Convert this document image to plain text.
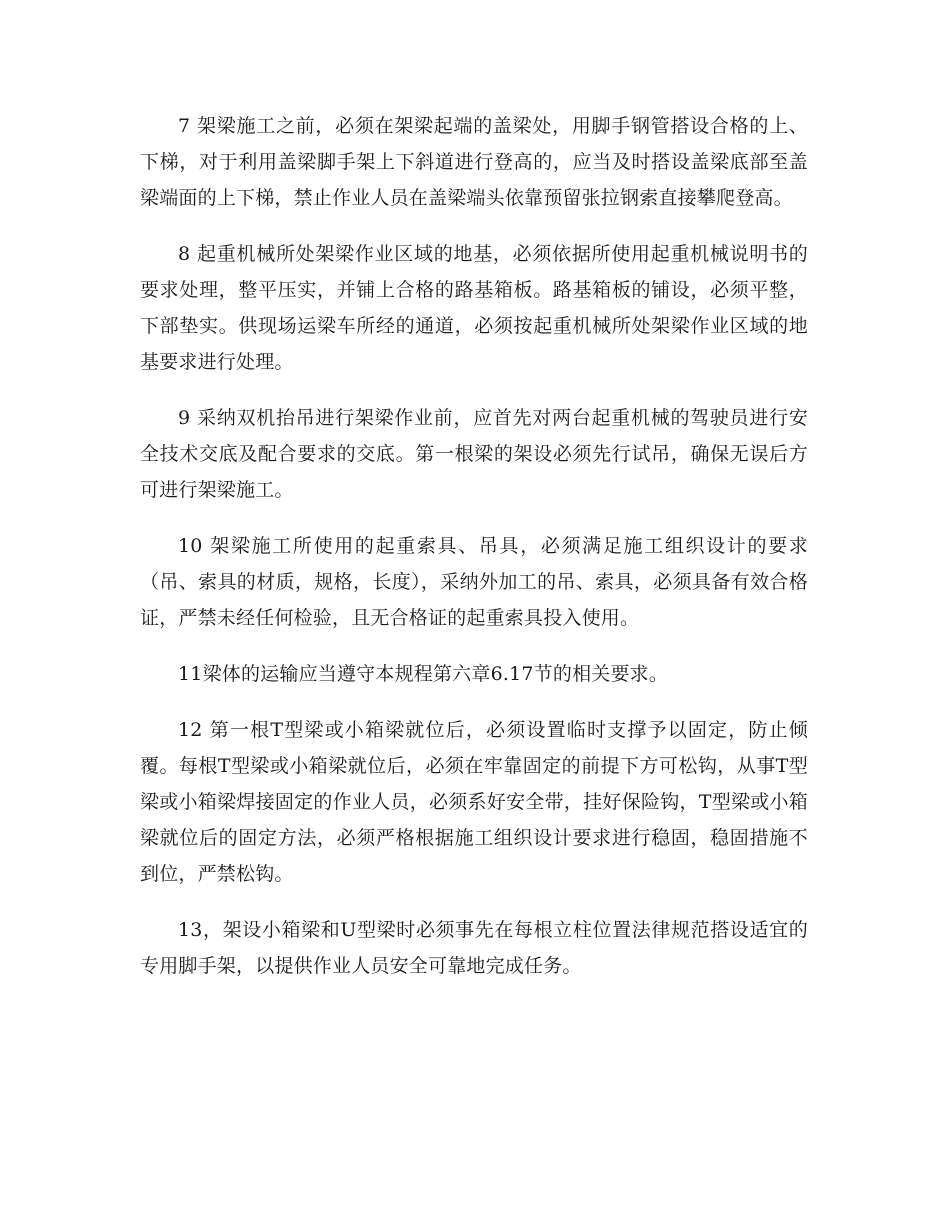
7 架梁施工之前，必须在架梁起端的盖梁处，用脚手钢管搭设合格的上、下梯，对于利用盖梁脚手架上下斜道进行登高的，应当及时搭设盖梁底部至盖梁端面的上下梯，禁止作业人员在盖梁端头依靠预留张拉钢索直接攀爬登高。

8 起重机械所处架梁作业区域的地基，必须依据所使用起重机械说明书的要求处理，整平压实，并铺上合格的路基箱板。路基箱板的铺设，必须平整，下部垫实。供现场运梁车所经的通道，必须按起重机械所处架梁作业区域的地基要求进行处理。

9 采纳双机抬吊进行架梁作业前，应首先对两台起重机械的驾驶员进行安全技术交底及配合要求的交底。第一根梁的架设必须先行试吊，确保无误后方可进行架梁施工。

10 架梁施工所使用的起重索具、吊具，必须满足施工组织设计的要求（吊、索具的材质，规格，长度），采纳外加工的吊、索具，必须具备有效合格证，严禁未经任何检验，且无合格证的起重索具投入使用。

11梁体的运输应当遵守本规程第六章6.17节的相关要求。

12 第一根T型梁或小箱梁就位后，必须设置临时支撑予以固定，防止倾覆。每根T型梁或小箱梁就位后，必须在牢靠固定的前提下方可松钩，从事T型梁或小箱梁焊接固定的作业人员，必须系好安全带，挂好保险钩，T型梁或小箱梁就位后的固定方法，必须严格根据施工组织设计要求进行稳固，稳固措施不到位，严禁松钩。

13，架设小箱梁和U型梁时必须事先在每根立柱位置法律规范搭设适宜的专用脚手架，以提供作业人员安全可靠地完成任务。
